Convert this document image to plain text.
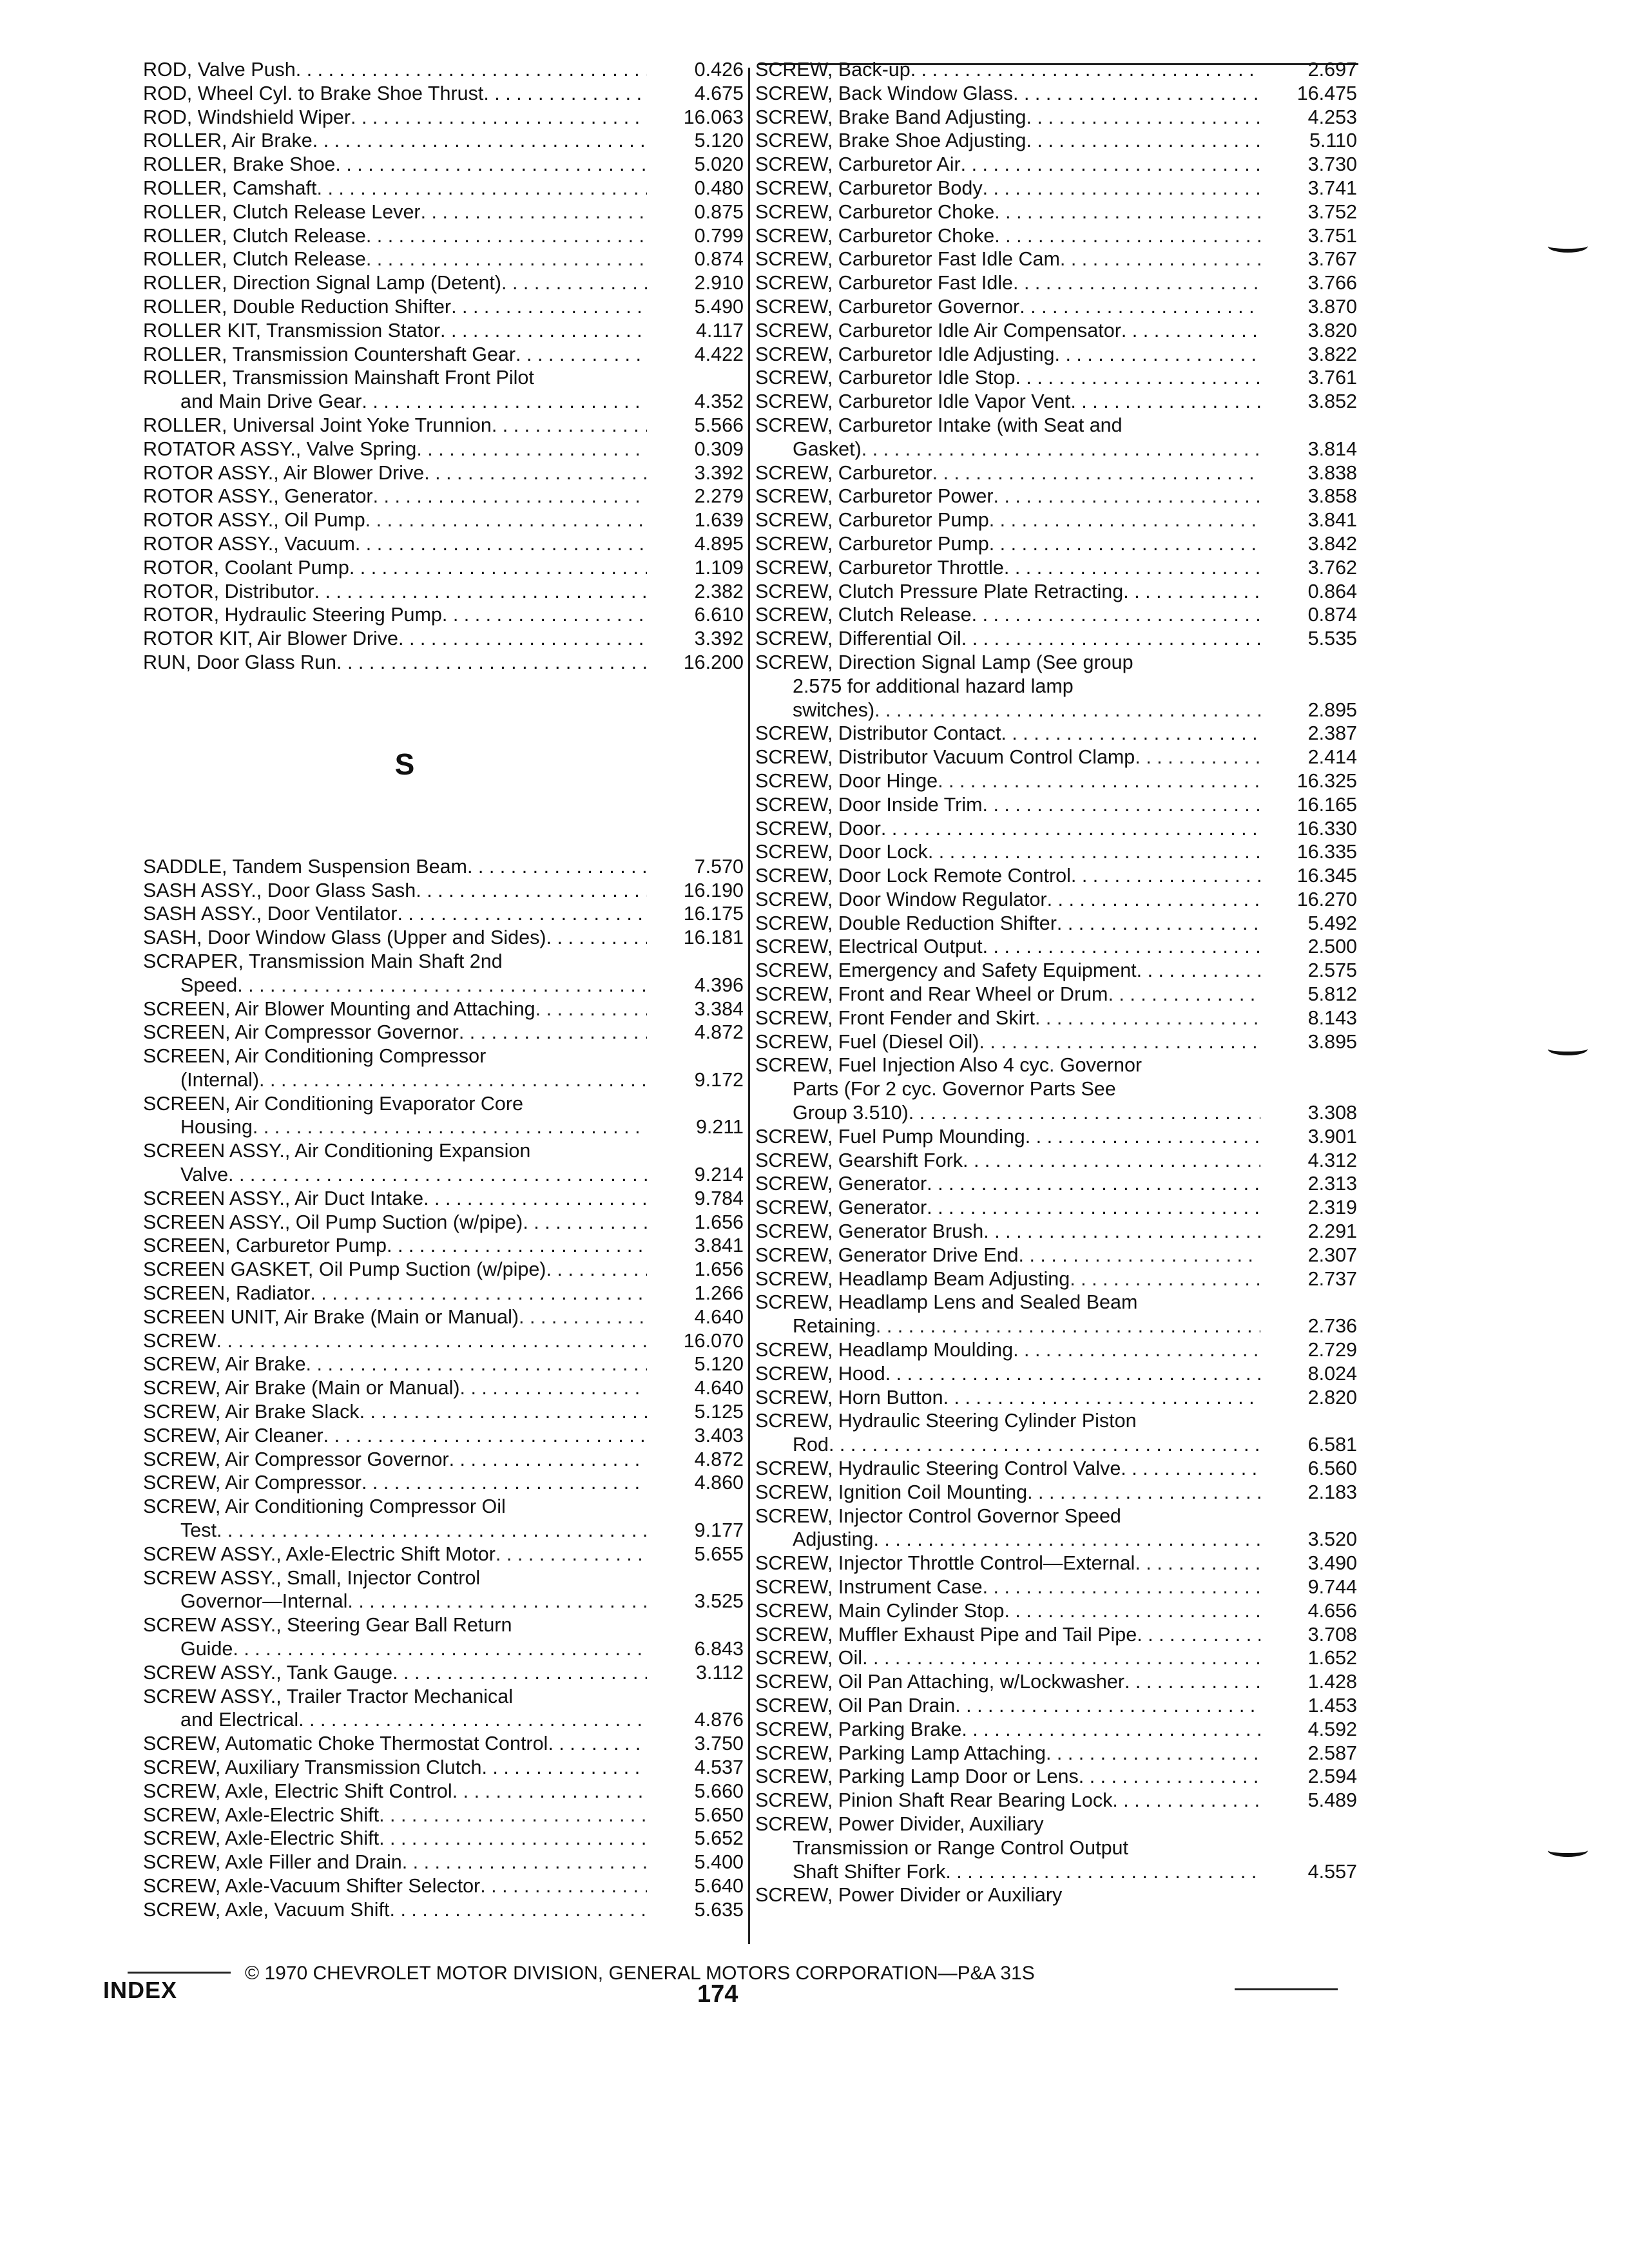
ROD, Valve Push . . .	0.426
ROD, Wheel Cyl. to Brake Shoe Thrust . . .	4.675
ROD, Windshield Wiper . . .	16.063
ROLLER, Air Brake . . .	5.120
ROLLER, Brake Shoe . . .	5.020
ROLLER, Camshaft . . .	0.480
ROLLER, Clutch Release Lever . . .	0.875
ROLLER, Clutch Release . . .	0.799
ROLLER, Clutch Release . . .	0.874
ROLLER, Direction Signal Lamp (Detent) . . .	2.910
ROLLER, Double Reduction Shifter . . .	5.490
ROLLER KIT, Transmission Stator . . .	4.117
ROLLER, Transmission Countershaft Gear . . .	4.422
ROLLER, Transmission Mainshaft Front Pilot
and Main Drive Gear . . .	4.352
ROLLER, Universal Joint Yoke Trunnion . . .	5.566
ROTATOR ASSY., Valve Spring . . .	0.309
ROTOR ASSY., Air Blower Drive . . .	3.392
ROTOR ASSY., Generator . . .	2.279
ROTOR ASSY., Oil Pump . . .	1.639
ROTOR ASSY., Vacuum . . .	4.895
ROTOR, Coolant Pump . . .	1.109
ROTOR, Distributor . . .	2.382
ROTOR, Hydraulic Steering Pump . . .	6.610
ROTOR KIT, Air Blower Drive . . .	3.392
RUN, Door Glass Run . . .	16.200
S
SADDLE, Tandem Suspension Beam . . .	7.570
SASH ASSY., Door Glass Sash . . .	16.190
SASH ASSY., Door Ventilator . . .	16.175
SASH, Door Window Glass (Upper and Sides) . . .	16.181
SCRAPER, Transmission Main Shaft 2nd
Speed . . .	4.396
SCREEN, Air Blower Mounting and Attaching . . .	3.384
SCREEN, Air Compressor Governor . . .	4.872
SCREEN, Air Conditioning Compressor
(Internal) . . .	9.172
SCREEN, Air Conditioning Evaporator Core
Housing . . .	9.211
SCREEN ASSY., Air Conditioning Expansion
Valve . . .	9.214
SCREEN ASSY., Air Duct Intake . . .	9.784
SCREEN ASSY., Oil Pump Suction (w/pipe) . . .	1.656
SCREEN, Carburetor Pump . . .	3.841
SCREEN GASKET, Oil Pump Suction (w/pipe) . . .	1.656
SCREEN, Radiator . . .	1.266
SCREEN UNIT, Air Brake (Main or Manual) . . .	4.640
SCREW . . .	16.070
SCREW, Air Brake . . .	5.120
SCREW, Air Brake (Main or Manual) . . .	4.640
SCREW, Air Brake Slack . . .	5.125
SCREW, Air Cleaner . . .	3.403
SCREW, Air Compressor Governor . . .	4.872
SCREW, Air Compressor . . .	4.860
SCREW, Air Conditioning Compressor Oil
Test . . .	9.177
SCREW ASSY., Axle-Electric Shift Motor . . .	5.655
SCREW ASSY., Small, Injector Control
Governor—Internal . . .	3.525
SCREW ASSY., Steering Gear Ball Return
Guide . . .	6.843
SCREW ASSY., Tank Gauge . . .	3.112
SCREW ASSY., Trailer Tractor Mechanical
and Electrical . . .	4.876
SCREW, Automatic Choke Thermostat Control . . .	3.750
SCREW, Auxiliary Transmission Clutch . . .	4.537
SCREW, Axle, Electric Shift Control . . .	5.660
SCREW, Axle-Electric Shift . . .	5.650
SCREW, Axle-Electric Shift . . .	5.652
SCREW, Axle Filler and Drain . . .	5.400
SCREW, Axle-Vacuum Shifter Selector . . .	5.640
SCREW, Axle, Vacuum Shift . . .	5.635
SCREW, Back-up . . .	2.697
SCREW, Back Window Glass . . .	16.475
SCREW, Brake Band Adjusting . . .	4.253
SCREW, Brake Shoe Adjusting . . .	5.110
SCREW, Carburetor Air . . .	3.730
SCREW, Carburetor Body . . .	3.741
SCREW, Carburetor Choke . . .	3.752
SCREW, Carburetor Choke . . .	3.751
SCREW, Carburetor Fast Idle Cam . . .	3.767
SCREW, Carburetor Fast Idle . . .	3.766
SCREW, Carburetor Governor . . .	3.870
SCREW, Carburetor Idle Air Compensator . . .	3.820
SCREW, Carburetor Idle Adjusting . . .	3.822
SCREW, Carburetor Idle Stop . . .	3.761
SCREW, Carburetor Idle Vapor Vent . . .	3.852
SCREW, Carburetor Intake (with Seat and
Gasket) . . .	3.814
SCREW, Carburetor . . .	3.838
SCREW, Carburetor Power . . .	3.858
SCREW, Carburetor Pump . . .	3.841
SCREW, Carburetor Pump . . .	3.842
SCREW, Carburetor Throttle . . .	3.762
SCREW, Clutch Pressure Plate Retracting . . .	0.864
SCREW, Clutch Release . . .	0.874
SCREW, Differential Oil . . .	5.535
SCREW, Direction Signal Lamp (See group
2.575 for additional hazard lamp
switches) . . .	2.895
SCREW, Distributor Contact . . .	2.387
SCREW, Distributor Vacuum Control Clamp . . .	2.414
SCREW, Door Hinge . . .	16.325
SCREW, Door Inside Trim . . .	16.165
SCREW, Door . . .	16.330
SCREW, Door Lock . . .	16.335
SCREW, Door Lock Remote Control . . .	16.345
SCREW, Door Window Regulator . . .	16.270
SCREW, Double Reduction Shifter . . .	5.492
SCREW, Electrical Output . . .	2.500
SCREW, Emergency and Safety Equipment . . .	2.575
SCREW, Front and Rear Wheel or Drum . . .	5.812
SCREW, Front Fender and Skirt . . .	8.143
SCREW, Fuel (Diesel Oil) . . .	3.895
SCREW, Fuel Injection Also 4 cyc. Governor
Parts (For 2 cyc. Governor Parts See
Group 3.510) . . .	3.308
SCREW, Fuel Pump Mounding . . .	3.901
SCREW, Gearshift Fork . . .	4.312
SCREW, Generator . . .	2.313
SCREW, Generator . . .	2.319
SCREW, Generator Brush . . .	2.291
SCREW, Generator Drive End . . .	2.307
SCREW, Headlamp Beam Adjusting . . .	2.737
SCREW, Headlamp Lens and Sealed Beam
Retaining . . .	2.736
SCREW, Headlamp Moulding . . .	2.729
SCREW, Hood . . .	8.024
SCREW, Horn Button . . .	2.820
SCREW, Hydraulic Steering Cylinder Piston
Rod . . .	6.581
SCREW, Hydraulic Steering Control Valve . . .	6.560
SCREW, Ignition Coil Mounting . . .	2.183
SCREW, Injector Control Governor Speed
Adjusting . . .	3.520
SCREW, Injector Throttle Control—External . . .	3.490
SCREW, Instrument Case . . .	9.744
SCREW, Main Cylinder Stop . . .	4.656
SCREW, Muffler Exhaust Pipe and Tail Pipe . . .	3.708
SCREW, Oil . . .	1.652
SCREW, Oil Pan Attaching, w/Lockwasher . . .	1.428
SCREW, Oil Pan Drain . . .	1.453
SCREW, Parking Brake . . .	4.592
SCREW, Parking Lamp Attaching . . .	2.587
SCREW, Parking Lamp Door or Lens . . .	2.594
SCREW, Pinion Shaft Rear Bearing Lock . . .	5.489
SCREW, Power Divider, Auxiliary
Transmission or Range Control Output
Shaft Shifter Fork . . .	4.557
SCREW, Power Divider or Auxiliary
INDEX
© 1970 CHEVROLET MOTOR DIVISION, GENERAL MOTORS CORPORATION—P&A 31S
174
